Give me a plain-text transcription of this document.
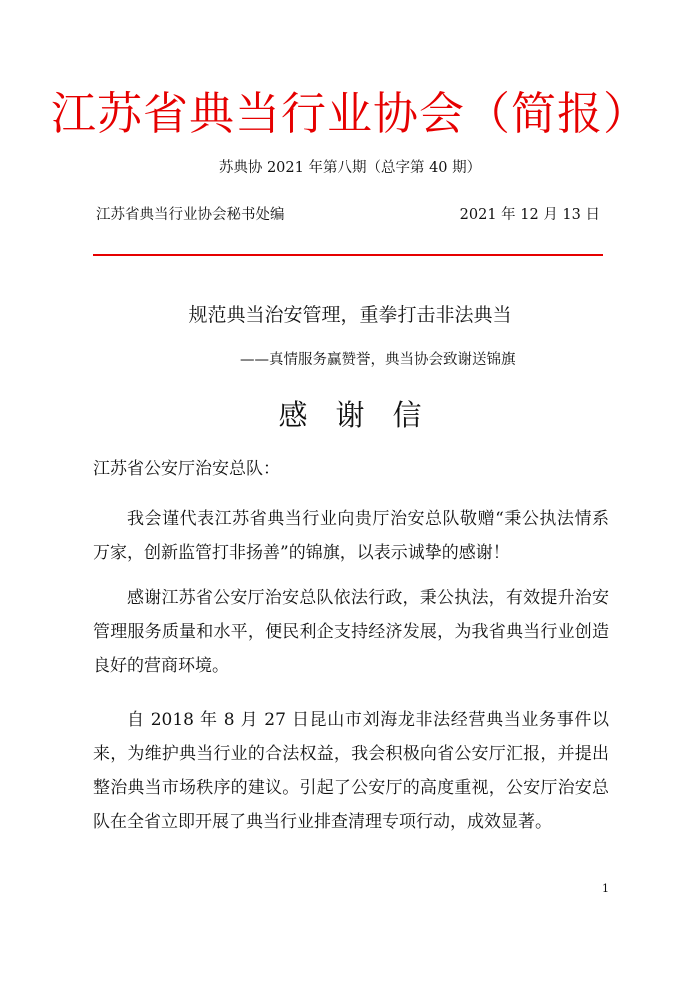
江苏省典当行业协会（简报）
苏典协 2021 年第八期（总字第 40 期）
江苏省典当行业协会秘书处编	2021 年 12 月 13 日
规范典当治安管理，重拳打击非法典当
——真情服务赢赞誉，典当协会致谢送锦旗
感谢信
江苏省公安厅治安总队：

我会谨代表江苏省典当行业向贵厅治安总队敬赠“秉公执法情系万家，创新监管打非扬善”的锦旗，以表示诚挚的感谢！

感谢江苏省公安厅治安总队依法行政，秉公执法，有效提升治安管理服务质量和水平，便民利企支持经济发展，为我省典当行业创造良好的营商环境。

自 2018 年 8 月 27 日昆山市刘海龙非法经营典当业务事件以来，为维护典当行业的合法权益，我会积极向省公安厅汇报，并提出整治典当市场秩序的建议。引起了公安厅的高度重视，公安厅治安总队在全省立即开展了典当行业排查清理专项行动，成效显著。

1
